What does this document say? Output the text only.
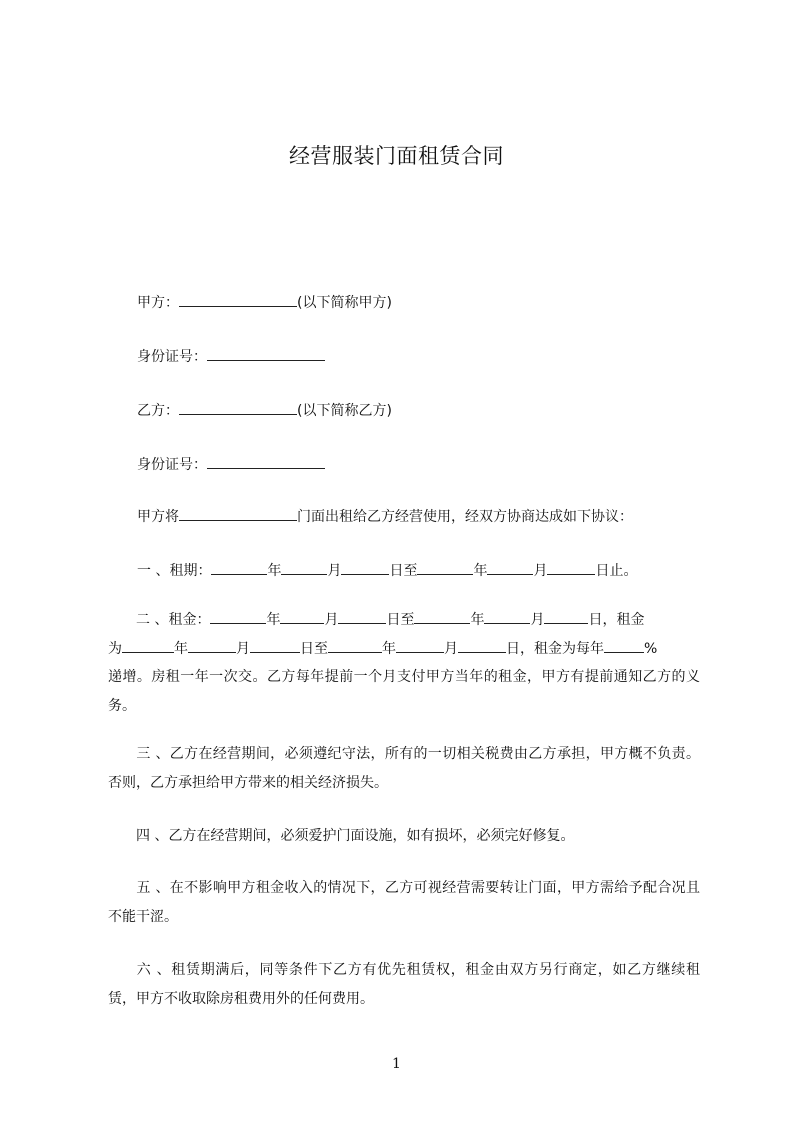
经营服装门面租赁合同
甲方：	(以下简称甲方)
身份证号：
乙方：	(以下简称乙方)
身份证号：
甲方将	门面出租给乙方经营使用，经双方协商达成如下协议：
一 、租期：	年	月	日至	年	月	日止。
二 、租金：	年	月	日至	年	月	日，租金
为	年	月	日至	年	月	日，租金为每年	%
递增。房租一年一次交。乙方每年提前一个月支付甲方当年的租金，甲方有提前通知乙方的义务。
三 、乙方在经营期间，必须遵纪守法，所有的一切相关税费由乙方承担，甲方概不负责。否则，乙方承担给甲方带来的相关经济损失。
四 、乙方在经营期间，必须爱护门面设施，如有损坏，必须完好修复。
五 、在不影响甲方租金收入的情况下，乙方可视经营需要转让门面，甲方需给予配合况且不能干涩。
六 、租赁期满后，同等条件下乙方有优先租赁权，租金由双方另行商定，如乙方继续租赁，甲方不收取除房租费用外的任何费用。
1
